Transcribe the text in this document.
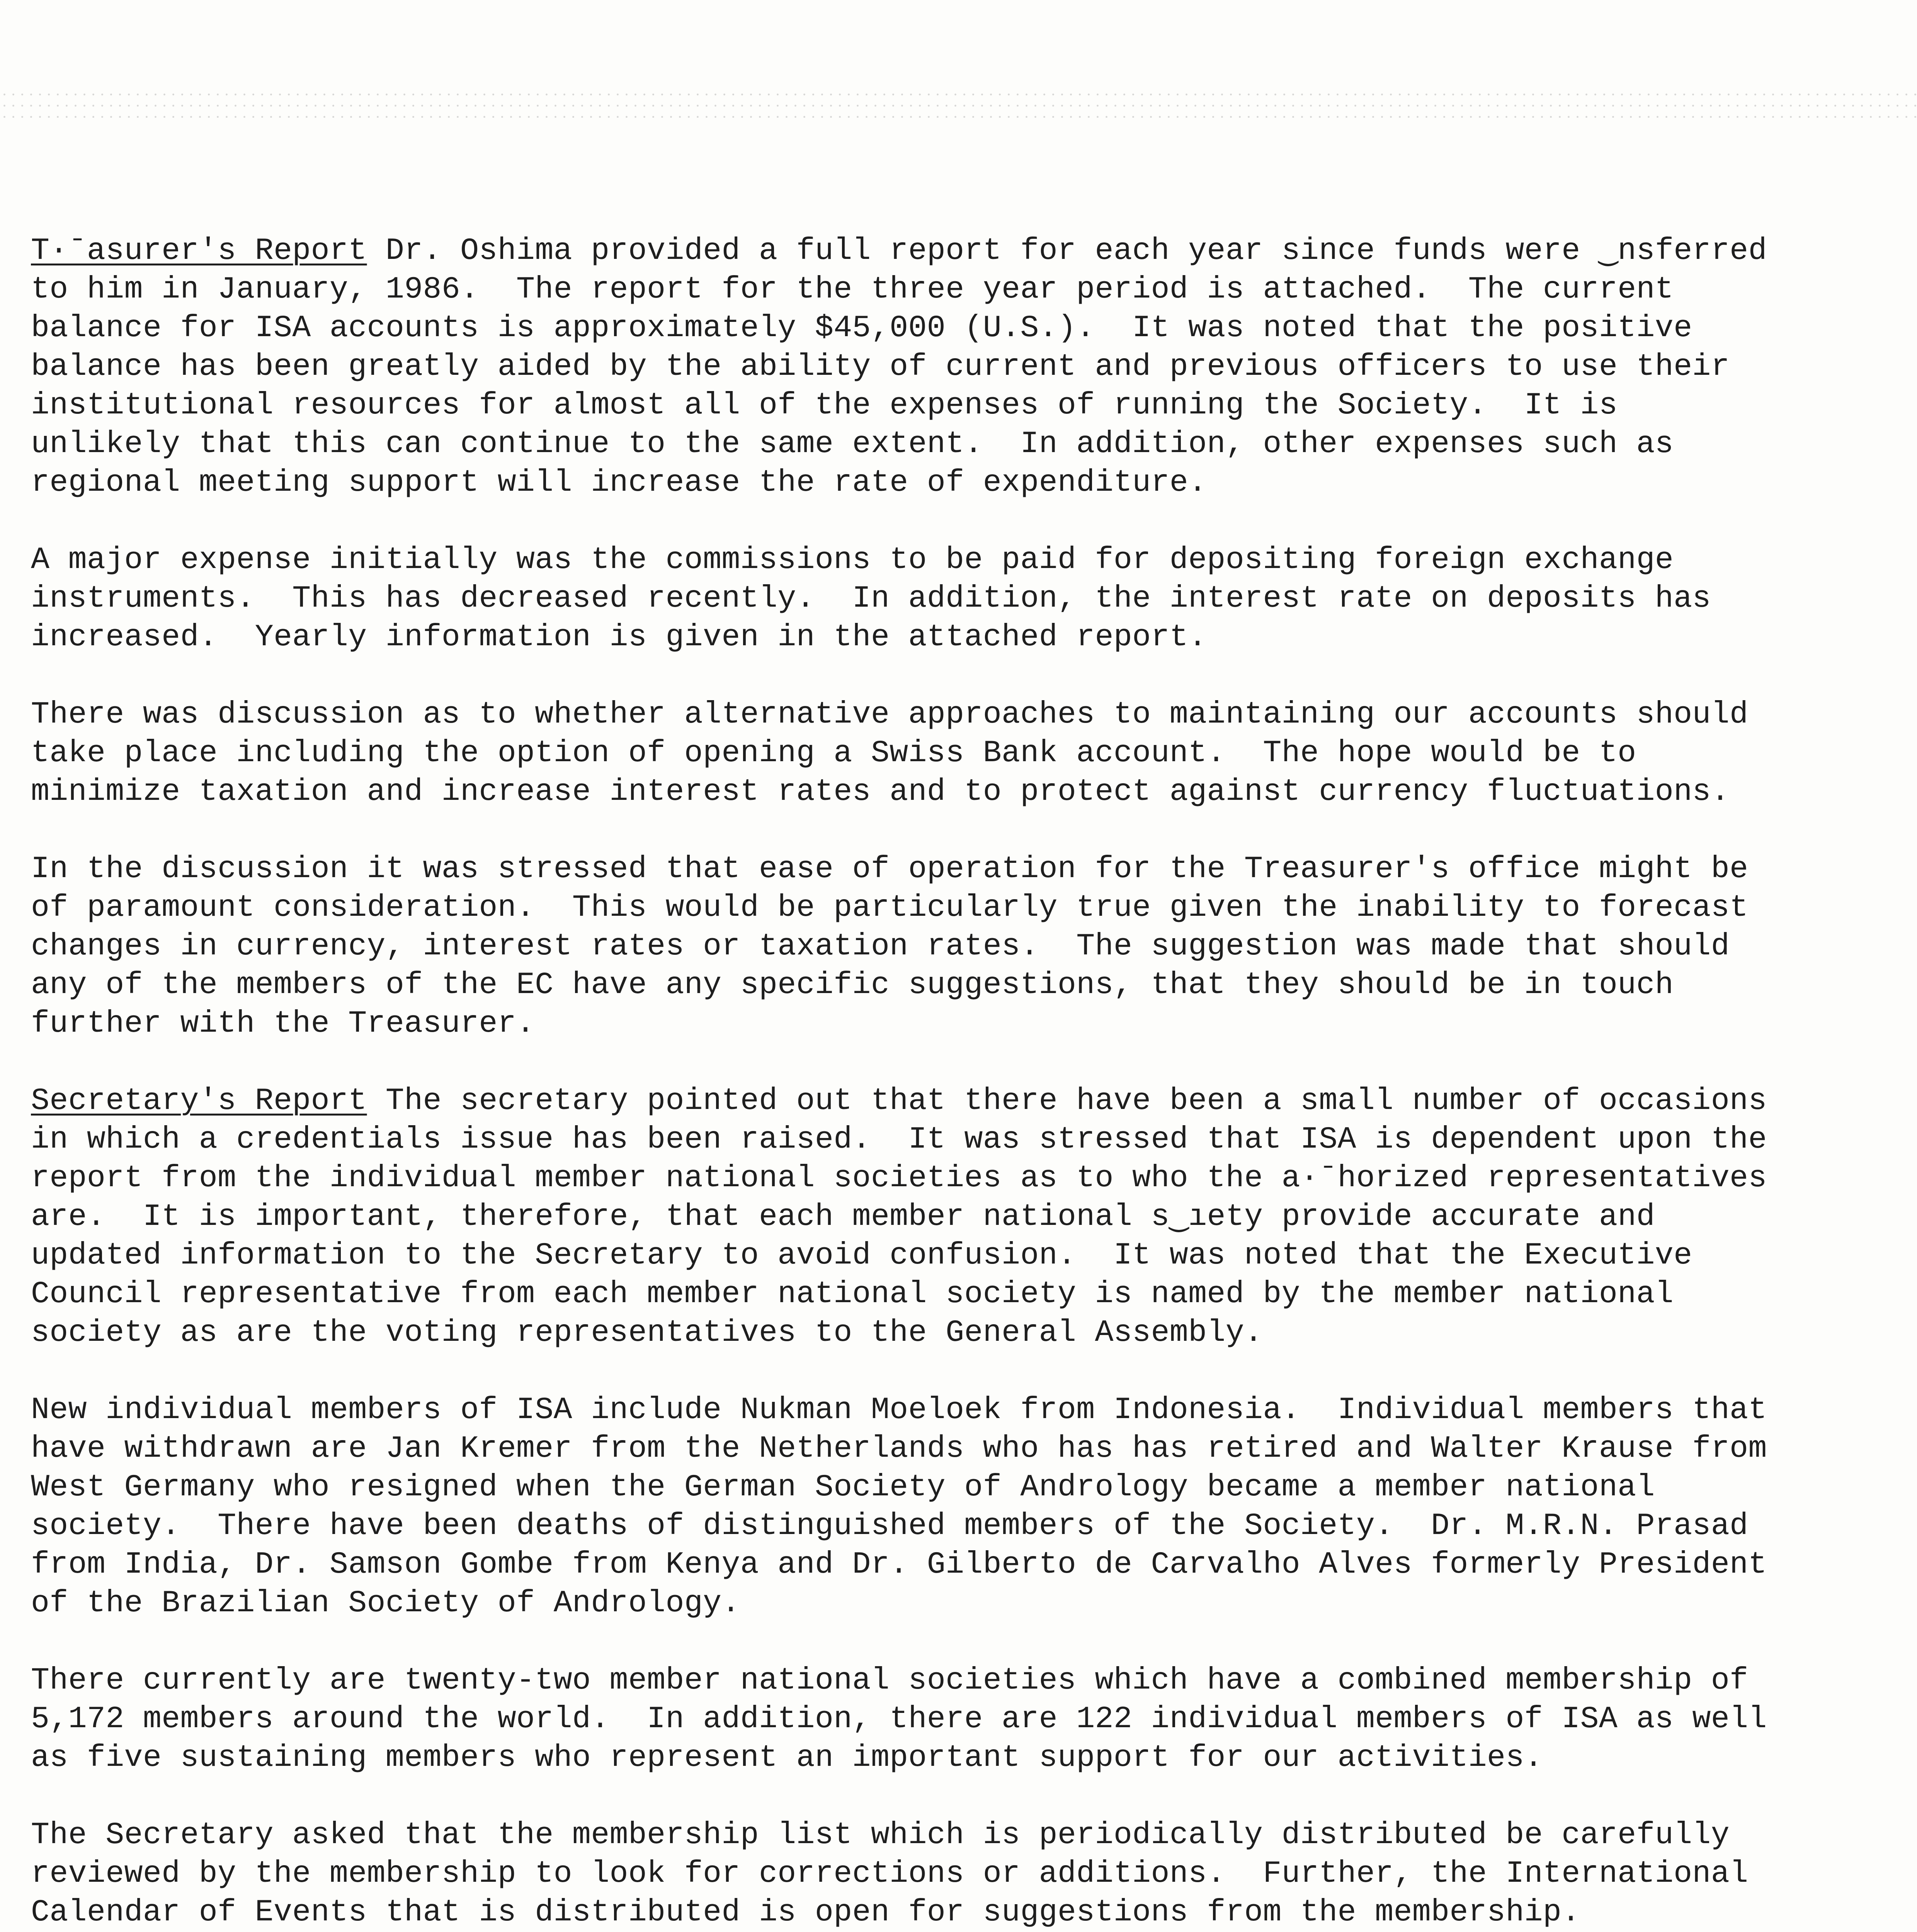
T·ˉasurer's Report Dr. Oshima provided a full report for each year since funds were ‿nsferred to him in January, 1986.  The report for the three year period is attached.  The current balance for ISA accounts is approximately $45,000 (U.S.).  It was noted that the positive balance has been greatly aided by the ability of current and previous officers to use their institutional resources for almost all of the expenses of running the Society.  It is unlikely that this can continue to the same extent.  In addition, other expenses such as regional meeting support will increase the rate of expenditure.

A major expense initially was the commissions to be paid for depositing foreign exchange instruments.  This has decreased recently.  In addition, the interest rate on deposits has increased.  Yearly information is given in the attached report.

There was discussion as to whether alternative approaches to maintaining our accounts should take place including the option of opening a Swiss Bank account.  The hope would be to minimize taxation and increase interest rates and to protect against currency fluctuations.

In the discussion it was stressed that ease of operation for the Treasurer's office might be of paramount consideration.  This would be particularly true given the inability to forecast changes in currency, interest rates or taxation rates.  The suggestion was made that should any of the members of the EC have any specific suggestions, that they should be in touch further with the Treasurer.

Secretary's Report The secretary pointed out that there have been a small number of occasions in which a credentials issue has been raised.  It was stressed that ISA is dependent upon the report from the individual member national societies as to who the a·ˉhorized representatives are.  It is important, therefore, that each member national s‿ıety provide accurate and updated information to the Secretary to avoid confusion.  It was noted that the Executive Council representative from each member national society is named by the member national society as are the voting representatives to the General Assembly.

New individual members of ISA include Nukman Moeloek from Indonesia.  Individual members that have withdrawn are Jan Kremer from the Netherlands who has has retired and Walter Krause from West Germany who resigned when the German Society of Andrology became a member national society.  There have been deaths of distinguished members of the Society.  Dr. M.R.N. Prasad from India, Dr. Samson Gombe from Kenya and Dr. Gilberto de Carvalho Alves formerly President of the Brazilian Society of Andrology.

There currently are twenty-two member national societies which have a combined membership of 5,172 members around the world.  In addition, there are 122 individual members of ISA as well as five sustaining members who represent an important support for our activities.

The Secretary asked that the membership list which is periodically distributed be carefully reviewed by the membership to look for corrections or additions.  Further, the International Calendar of Events that is distributed is open for suggestions from the membership.
